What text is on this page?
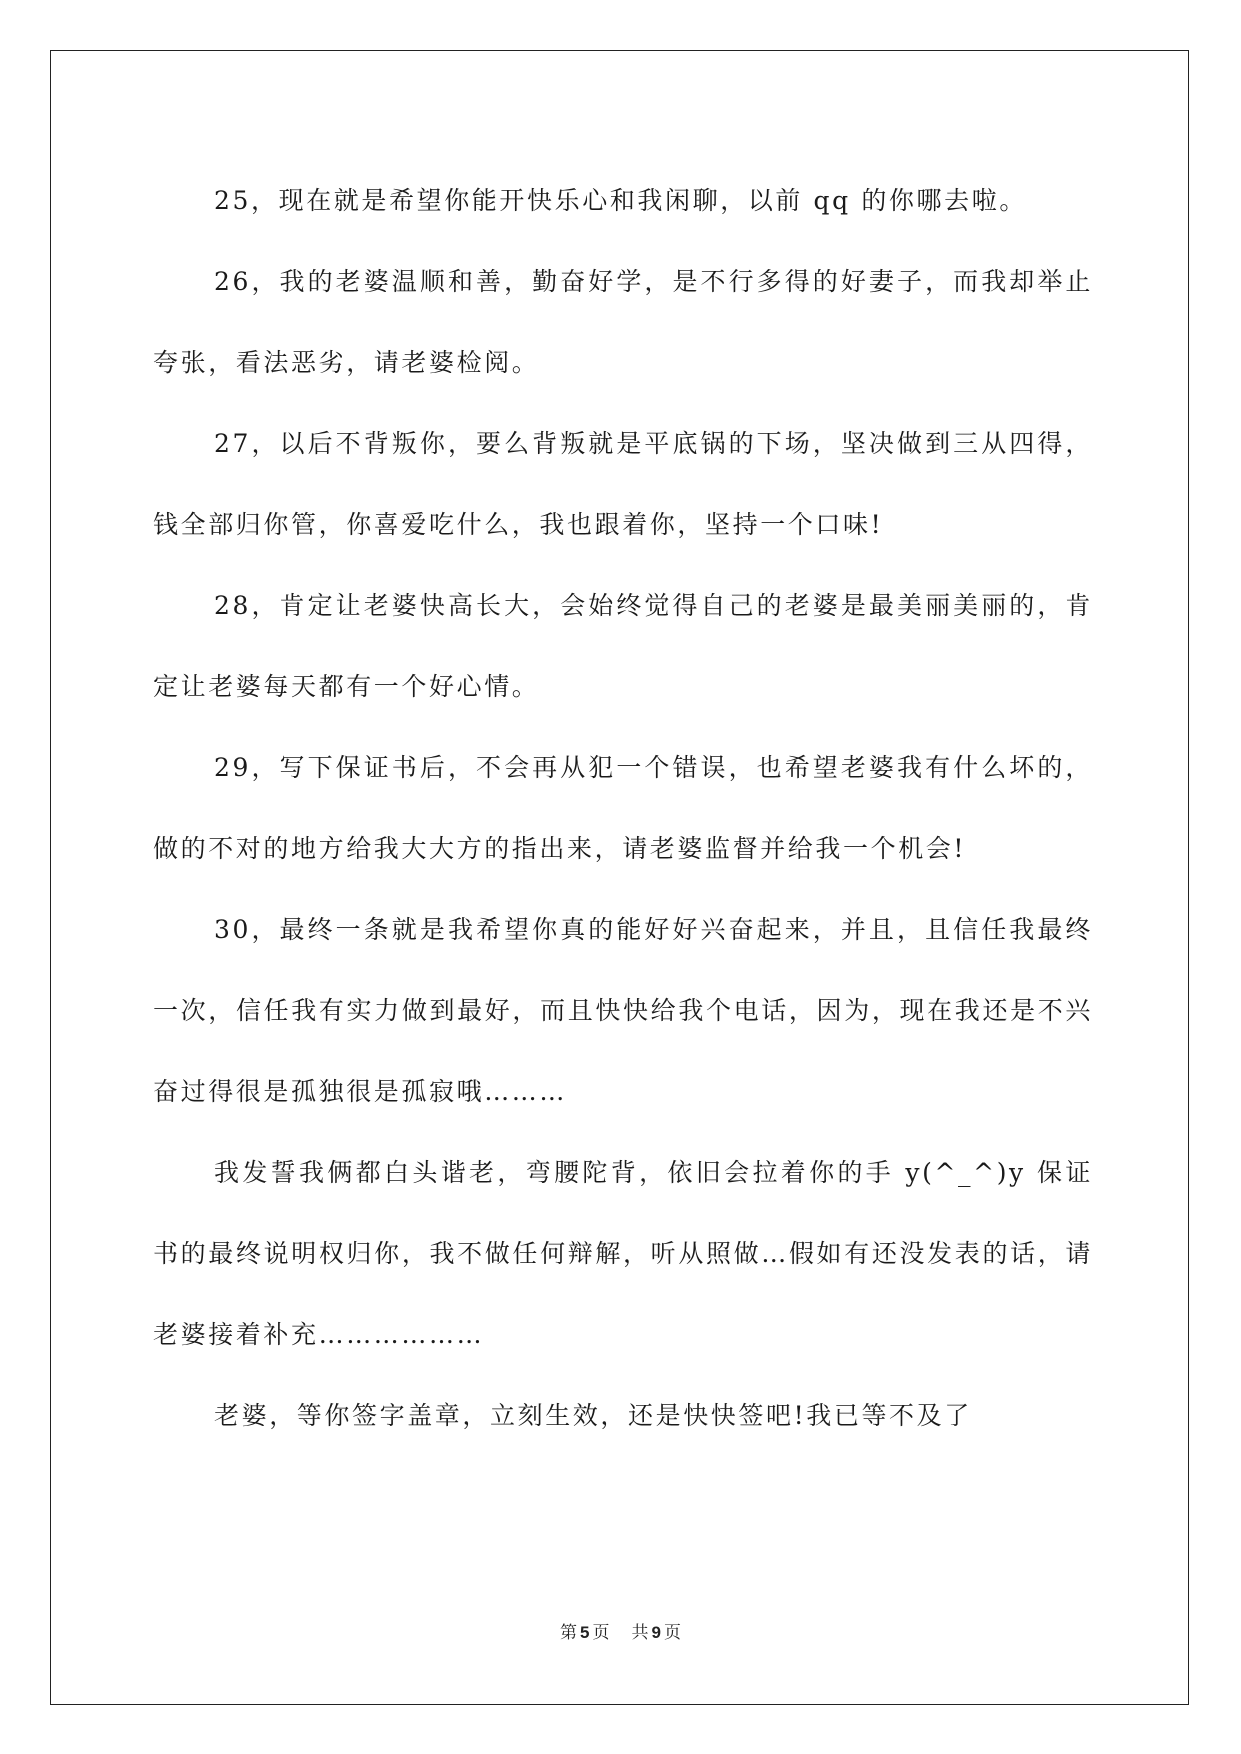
25，现在就是希望你能开快乐心和我闲聊，以前 qq 的你哪去啦。

26，我的老婆温顺和善，勤奋好学，是不行多得的好妻子，而我却举止夸张，看法恶劣，请老婆检阅。

27，以后不背叛你，要么背叛就是平底锅的下场，坚决做到三从四得，钱全部归你管，你喜爱吃什么，我也跟着你，坚持一个口味!

28，肯定让老婆快高长大，会始终觉得自己的老婆是最美丽美丽的，肯定让老婆每天都有一个好心情。

29，写下保证书后，不会再从犯一个错误，也希望老婆我有什么坏的，做的不对的地方给我大大方的指出来，请老婆监督并给我一个机会!

30，最终一条就是我希望你真的能好好兴奋起来，并且，且信任我最终一次，信任我有实力做到最好，而且快快给我个电话，因为，现在我还是不兴奋过得很是孤独很是孤寂哦………

我发誓我俩都白头谐老，弯腰陀背，依旧会拉着你的手 y(^_^)y 保证书的最终说明权归你，我不做任何辩解，听从照做…假如有还没发表的话，请老婆接着补充………………

老婆，等你签字盖章，立刻生效，还是快快签吧!我已等不及了

第 5 页 共 9 页
